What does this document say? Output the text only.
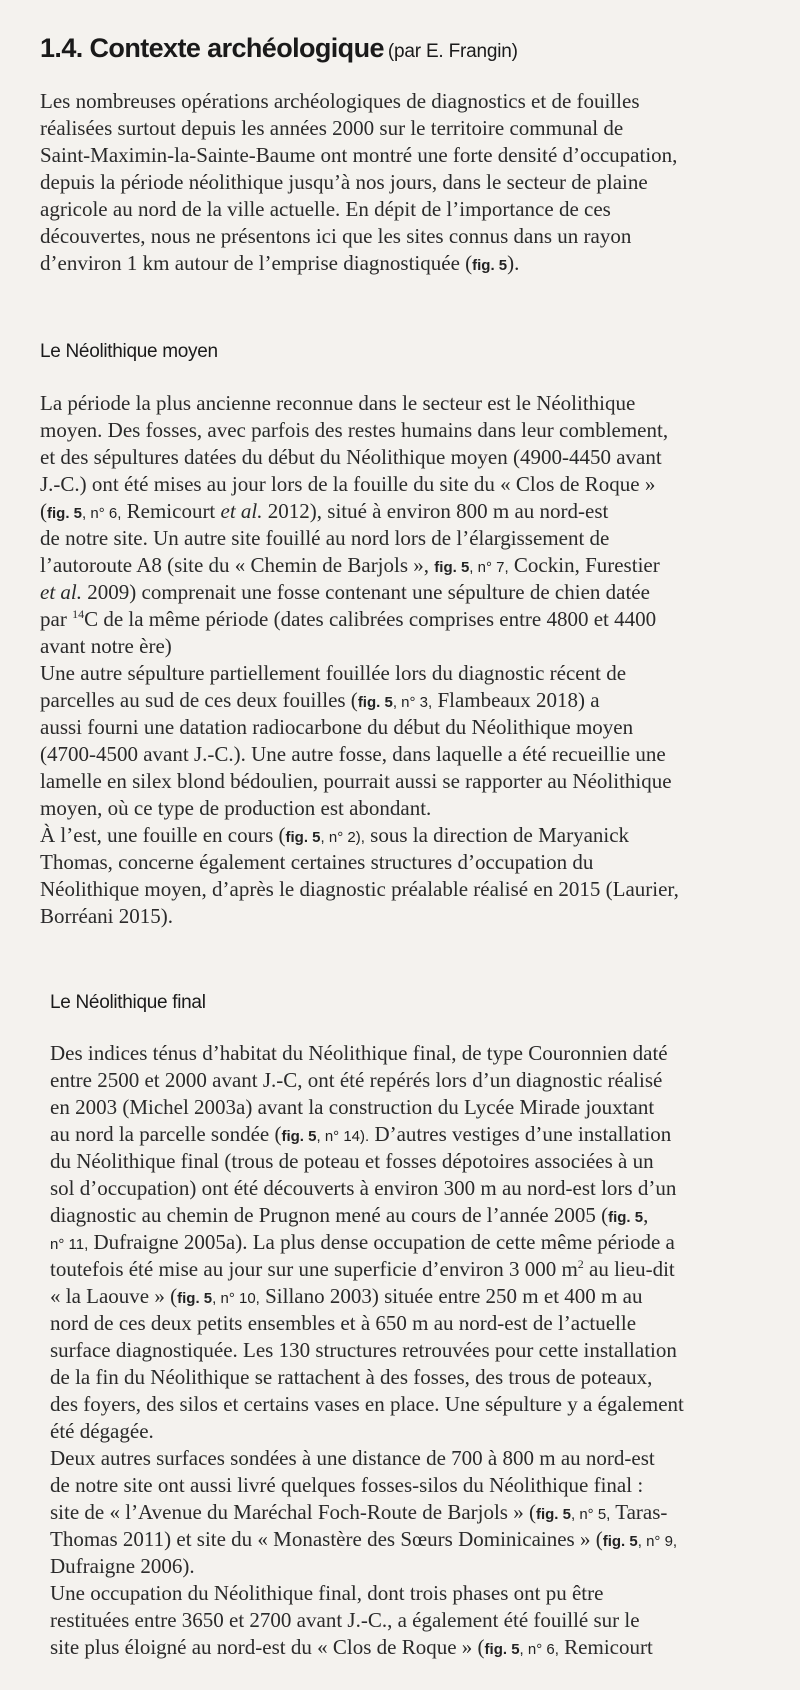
1.4. Contexte archéologique (par E. Frangin)
Les nombreuses opérations archéologiques de diagnostics et de fouilles
réalisées surtout depuis les années 2000 sur le territoire communal de
Saint-Maximin-la-Sainte-Baume ont montré une forte densité d’occupation,
depuis la période néolithique jusqu’à nos jours, dans le secteur de plaine
agricole au nord de la ville actuelle. En dépit de l’importance de ces
découvertes, nous ne présentons ici que les sites connus dans un rayon
d’environ 1 km autour de l’emprise diagnostiquée (fig. 5).
Le Néolithique moyen
La période la plus ancienne reconnue dans le secteur est le Néolithique
moyen. Des fosses, avec parfois des restes humains dans leur comblement,
et des sépultures datées du début du Néolithique moyen (4900-4450 avant
J.-C.) ont été mises au jour lors de la fouille du site du « Clos de Roque »
(fig. 5, n° 6, Remicourt et al. 2012), situé à environ 800 m au nord-est
de notre site. Un autre site fouillé au nord lors de l’élargissement de
l’autoroute A8 (site du « Chemin de Barjols », fig. 5, n° 7, Cockin, Furestier
et al. 2009) comprenait une fosse contenant une sépulture de chien datée
par $^{14}$C de la même période (dates calibrées comprises entre 4800 et 4400
avant notre ère)
Une autre sépulture partiellement fouillée lors du diagnostic récent de
parcelles au sud de ces deux fouilles (fig. 5, n° 3, Flambeaux 2018) a
aussi fourni une datation radiocarbone du début du Néolithique moyen
(4700-4500 avant J.-C.). Une autre fosse, dans laquelle a été recueillie une
lamelle en silex blond bédoulien, pourrait aussi se rapporter au Néolithique
moyen, où ce type de production est abondant.
À l’est, une fouille en cours (fig. 5, n° 2), sous la direction de Maryanick
Thomas, concerne également certaines structures d’occupation du
Néolithique moyen, d’après le diagnostic préalable réalisé en 2015 (Laurier,
Borréani 2015).
Le Néolithique final
Des indices ténus d’habitat du Néolithique final, de type Couronnien daté
entre 2500 et 2000 avant J.-C, ont été repérés lors d’un diagnostic réalisé
en 2003 (Michel 2003a) avant la construction du Lycée Mirade jouxtant
au nord la parcelle sondée (fig. 5, n° 14). D’autres vestiges d’une installation
du Néolithique final (trous de poteau et fosses dépotoires associées à un
sol d’occupation) ont été découverts à environ 300 m au nord-est lors d’un
diagnostic au chemin de Prugnon mené au cours de l’année 2005 (fig. 5,
n° 11, Dufraigne 2005a). La plus dense occupation de cette même période a
toutefois été mise au jour sur une superficie d’environ 3 000 $m^2$ au lieu-dit
« la Laouve » (fig. 5, n° 10, Sillano 2003) située entre 250 m et 400 m au
nord de ces deux petits ensembles et à 650 m au nord-est de l’actuelle
surface diagnostiquée. Les 130 structures retrouvées pour cette installation
de la fin du Néolithique se rattachent à des fosses, des trous de poteaux,
des foyers, des silos et certains vases en place. Une sépulture y a également
été dégagée.
Deux autres surfaces sondées à une distance de 700 à 800 m au nord-est
de notre site ont aussi livré quelques fosses-silos du Néolithique final :
site de « l’Avenue du Maréchal Foch-Route de Barjols » (fig. 5, n° 5, Taras-
Thomas 2011) et site du « Monastère des Sœurs Dominicaines » (fig. 5, n° 9,
Dufraigne 2006).
Une occupation du Néolithique final, dont trois phases ont pu être
restituées entre 3650 et 2700 avant J.-C., a également été fouillé sur le
site plus éloigné au nord-est du « Clos de Roque » (fig. 5, n° 6, Remicourt
